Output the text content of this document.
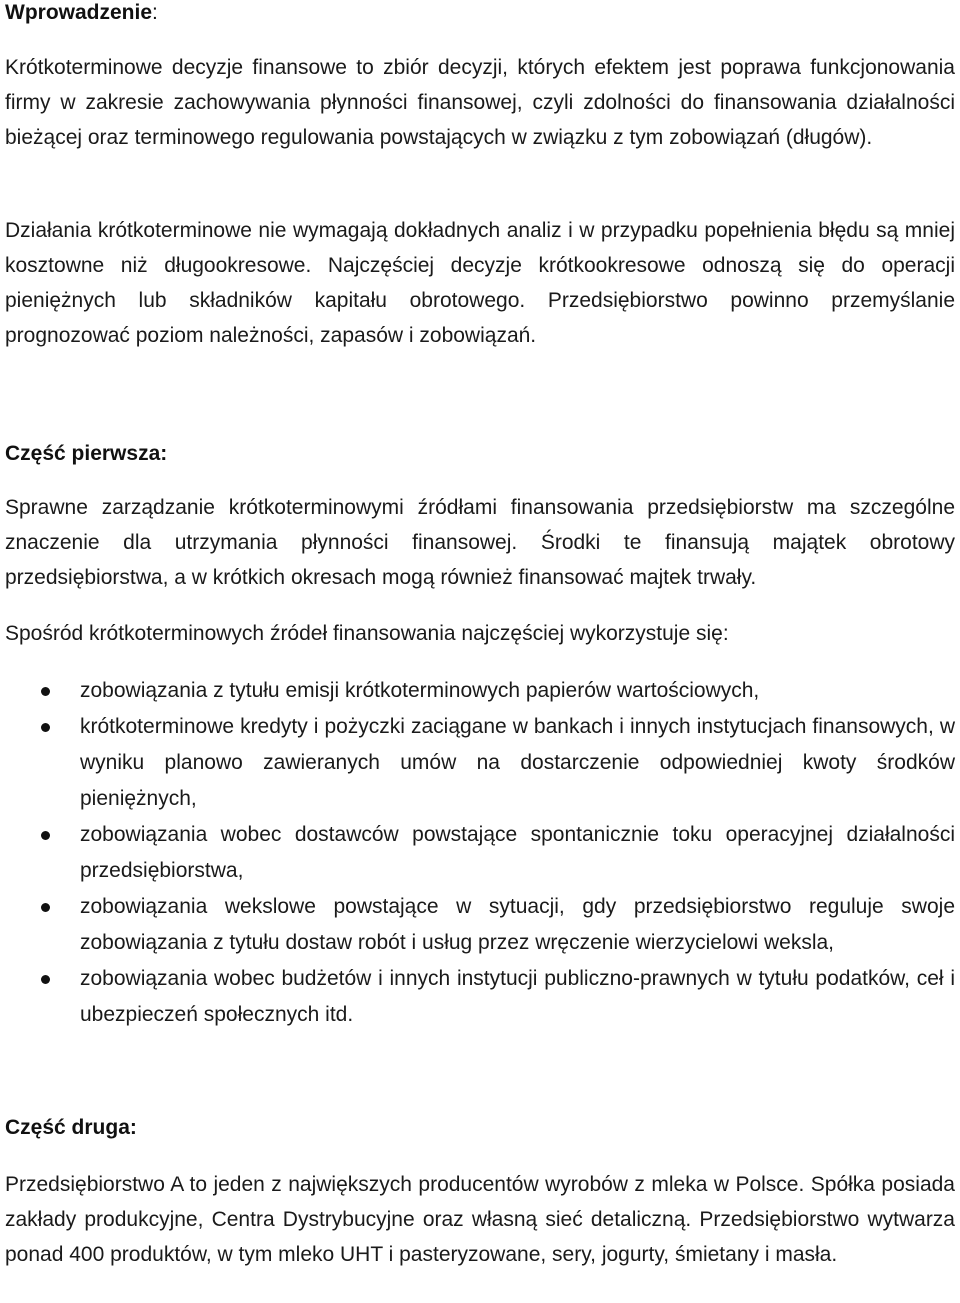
Wprowadzenie:

Krótkoterminowe decyzje finansowe to zbiór decyzji, których efektem jest poprawa funkcjonowania firmy w zakresie zachowywania płynności finansowej, czyli zdolności do finansowania działalności bieżącej oraz terminowego regulowania powstających w związku z tym zobowiązań (długów).

Działania krótkoterminowe nie wymagają dokładnych analiz i w przypadku popełnienia błędu są mniej kosztowne niż długookresowe. Najczęściej decyzje krótkookresowe odnoszą się do operacji pieniężnych lub składników kapitału obrotowego. Przedsiębiorstwo powinno przemyślanie prognozować poziom należności, zapasów i zobowiązań.

Część pierwsza:

Sprawne zarządzanie krótkoterminowymi źródłami finansowania przedsiębiorstw ma szczególne znaczenie dla utrzymania płynności finansowej. Środki te finansują majątek obrotowy przedsiębiorstwa, a w krótkich okresach mogą również finansować majtek trwały.

Spośród krótkoterminowych źródeł finansowania najczęściej wykorzystuje się:

zobowiązania z tytułu emisji krótkoterminowych papierów wartościowych,
krótkoterminowe kredyty i pożyczki zaciągane w bankach i innych instytucjach finansowych, w wyniku planowo zawieranych umów na dostarczenie odpowiedniej kwoty środków pieniężnych,
zobowiązania wobec dostawców powstające spontanicznie toku operacyjnej działalności przedsiębiorstwa,
zobowiązania wekslowe powstające w sytuacji, gdy przedsiębiorstwo reguluje swoje zobowiązania z tytułu dostaw robót i usług przez wręczenie wierzycielowi weksla,
zobowiązania wobec budżetów i innych instytucji publiczno-prawnych w tytułu podatków, ceł i ubezpieczeń społecznych itd.

Część druga:

Przedsiębiorstwo A to jeden z największych producentów wyrobów z mleka w Polsce. Spółka posiada zakłady produkcyjne, Centra Dystrybucyjne oraz własną sieć detaliczną. Przedsiębiorstwo wytwarza ponad 400 produktów, w tym mleko UHT i pasteryzowane, sery, jogurty, śmietany i masła.
